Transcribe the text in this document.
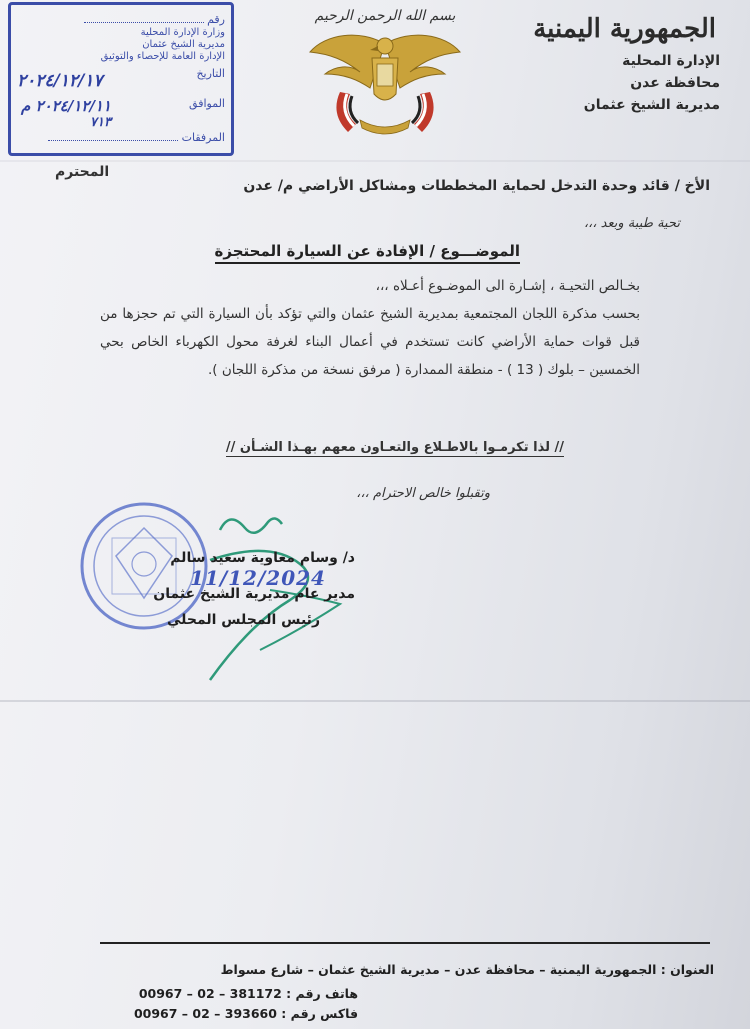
الجمهورية اليمنية
الإدارة المحلية
محافظة عدن
مديرية الشيخ عثمان
بسم الله الرحمن الرحيم
رقم
وزارة الإدارة المحلية
مديرية الشيخ عثمان
الإدارة العامة للإحصاء والتوثيق
التاريخ
٢٠٢٤/١٢/١٧
الموافق
٢٠٢٤/١٢/١١ م
٧١٣
المرفقات
المحترم
الأخ / قائد وحدة التدخل لحماية المخططات ومشاكل الأراضي م/ عدن
تحية طيبة وبعد ،،،
الموضـــوع / الإفادة عن السيارة المحتجزة
بخـالص التحيـة ، إشـارة الى الموضـوع أعـلاه ،،،
بحسب مذكرة اللجان المجتمعية بمديرية الشيخ عثمان والتي تؤكد بأن السيارة التي تم حجزها من قبل قوات حماية الأراضي كانت تستخدم في أعمال البناء لغرفة محول الكهرباء الخاص بحي الخمسين – بلوك ( 13 ) - منطقة الممدارة ( مرفق نسخة من مذكرة اللجان ).
// لذا تكرمـوا بالاطـلاع والتعـاون معهم بهـذا الشـأن //
وتقبلوا خالص الاحترام ،،،
د/ وسام معاوية سعيد سالم
11/12/2024
مدير عام مديرية الشيخ عثمان
رئيس المجلس المحلي
العنوان : الجمهورية اليمنية – محافظة عدن – مديرية الشيخ عثمان – شارع مسواط
هاتف رقم : 00967 – 02 – 381172
فاكس رقم : 00967 – 02 – 393660
